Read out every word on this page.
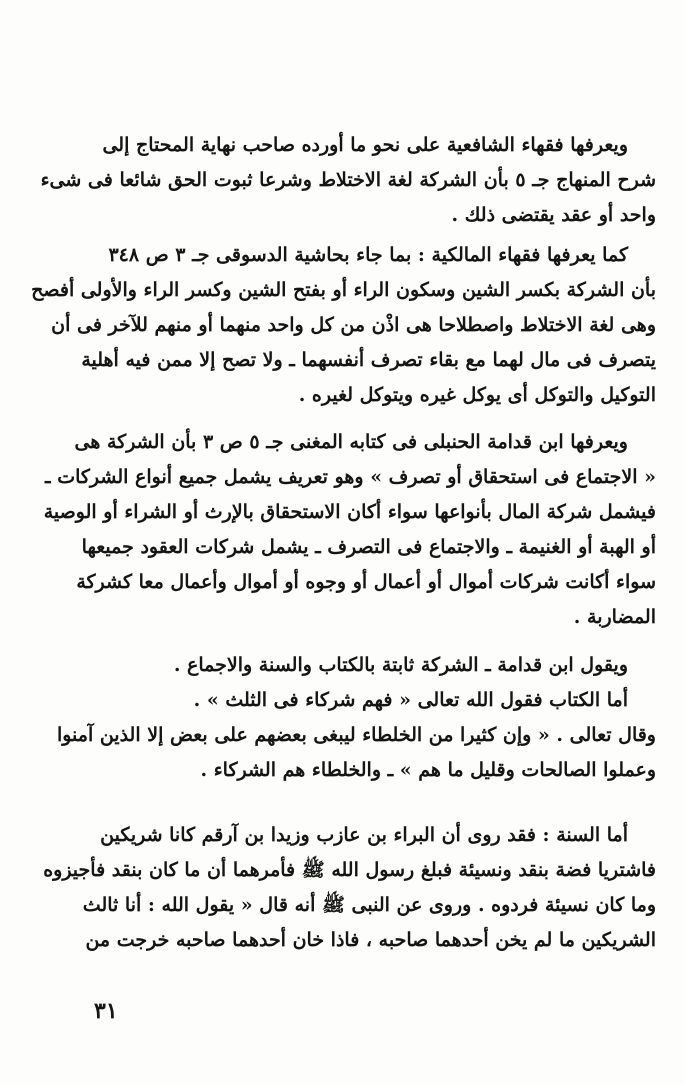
ويعرفها فقهاء الشافعية على نحو ما أورده صاحب نهاية المحتاج إلى
شرح المنهاج جـ ٥ بأن الشركة لغة الاختلاط وشرعا ثبوت الحق شائعا فى شىء
واحد أو عقد يقتضى ذلك .
كما يعرفها فقهاء المالكية : بما جاء بحاشية الدسوقى جـ ٣ ص ٣٤٨
بأن الشركة بكسر الشين وسكون الراء أو بفتح الشين وكسر الراء والأولى أفصح
وهى لغة الاختلاط واصطلاحا هى اذْن من كل واحد منهما أو منهم للآخر فى أن
يتصرف فى مال لهما مع بقاء تصرف أنفسهما ـ ولا تصح إلا ممن فيه أهلية
التوكيل والتوكل أى يوكل غيره ويتوكل لغيره .
ويعرفها ابن قدامة الحنبلى فى كتابه المغنى جـ ٥ ص ٣ بأن الشركة هى
« الاجتماع فى استحقاق أو تصرف » وهو تعريف يشمل جميع أنواع الشركات ـ
فيشمل شركة المال بأنواعها سواء أكان الاستحقاق بالإرث أو الشراء أو الوصية
أو الهبة أو الغنيمة ـ والاجتماع فى التصرف ـ يشمل شركات العقود جميعها
سواء أكانت شركات أموال أو أعمال أو وجوه أو أموال وأعمال معا كشركة
المضاربة .
ويقول ابن قدامة ـ الشركة ثابتة بالكتاب والسنة والاجماع .
أما الكتاب فقول الله تعالى « فهم شركاء فى الثلث » .
وقال تعالى . « وإن كثيرا من الخلطاء ليبغى بعضهم على بعض إلا الذين آمنوا
وعملوا الصالحات وقليل ما هم » ـ والخلطاء هم الشركاء .
أما السنة : فقد روى أن البراء بن عازب وزيدا بن آرقم كانا شريكين
فاشتريا فضة بنقد ونسيئة فبلغ رسول الله ﷺ فأمرهما أن ما كان بنقد فأجيزوه
وما كان نسيئة فردوه . وروى عن النبى ﷺ أنه قال « يقول الله : أنا ثالث
الشريكين ما لم يخن أحدهما صاحبه ، فاذا خان أحدهما صاحبه خرجت من
٣١
